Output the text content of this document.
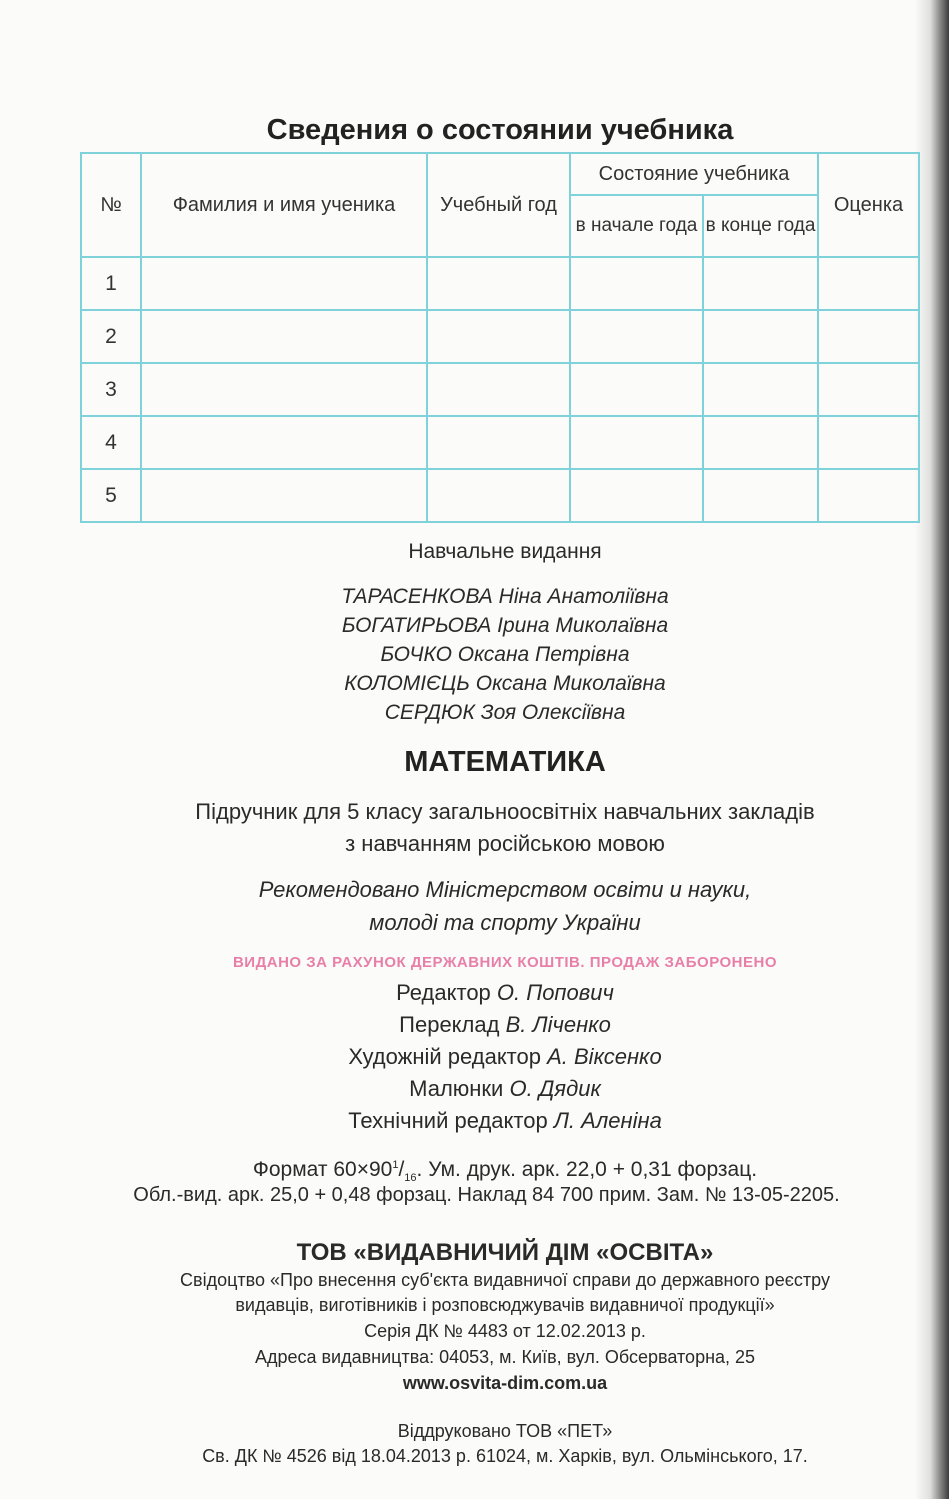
Сведения о состоянии учебника
№	Фамилия и имя ученика	Учебный год	Состояние учебника		Оценка
			в начале года	в конце года	
1					
2					
3					
4					
5					
Навчальне видання
ТАРАСЕНКОВА Ніна Анатоліївна
БОГАТИРЬОВА Ірина Миколаївна
БОЧКО Оксана Петрівна
КОЛОМІЄЦЬ Оксана Миколаївна
СЕРДЮК Зоя Олексіївна
МАТЕМАТИКА
Підручник для 5 класу загальноосвітніх навчальних закладів
з навчанням російською мовою
Рекомендовано Міністерством освіти и науки,
молоді та спорту України
ВИДАНО ЗА РАХУНОК ДЕРЖАВНИХ КОШТІВ. ПРОДАЖ ЗАБОРОНЕНО
Редактор О. Попович
Переклад В. Ліченко
Художній редактор А. Віксенко
Малюнки О. Дядик
Технічний редактор Л. Аленіна
Формат $60\times 90^1/_{16}$. Ум. друк. арк. 22,0 + 0,31 форзац.
Обл.-вид. арк. 25,0 + 0,48 форзац. Наклад 84 700 прим. Зам. № 13-05-2205.
ТОВ «ВИДАВНИЧИЙ ДІМ «ОСВІТА»
Свідоцтво «Про внесення суб'єкта видавничої справи до державного реєстру
видавців, виготівників і розповсюджувачів видавничої продукції»
Серія ДК № 4483 от 12.02.2013 р.
Адреса видавництва: 04053, м. Київ, вул. Обсерваторна, 25
www.osvita-dim.com.ua
Віддруковано ТОВ «ПЕТ»
Св. ДК № 4526 від 18.04.2013 р. 61024, м. Харків, вул. Ольмінського, 17.
